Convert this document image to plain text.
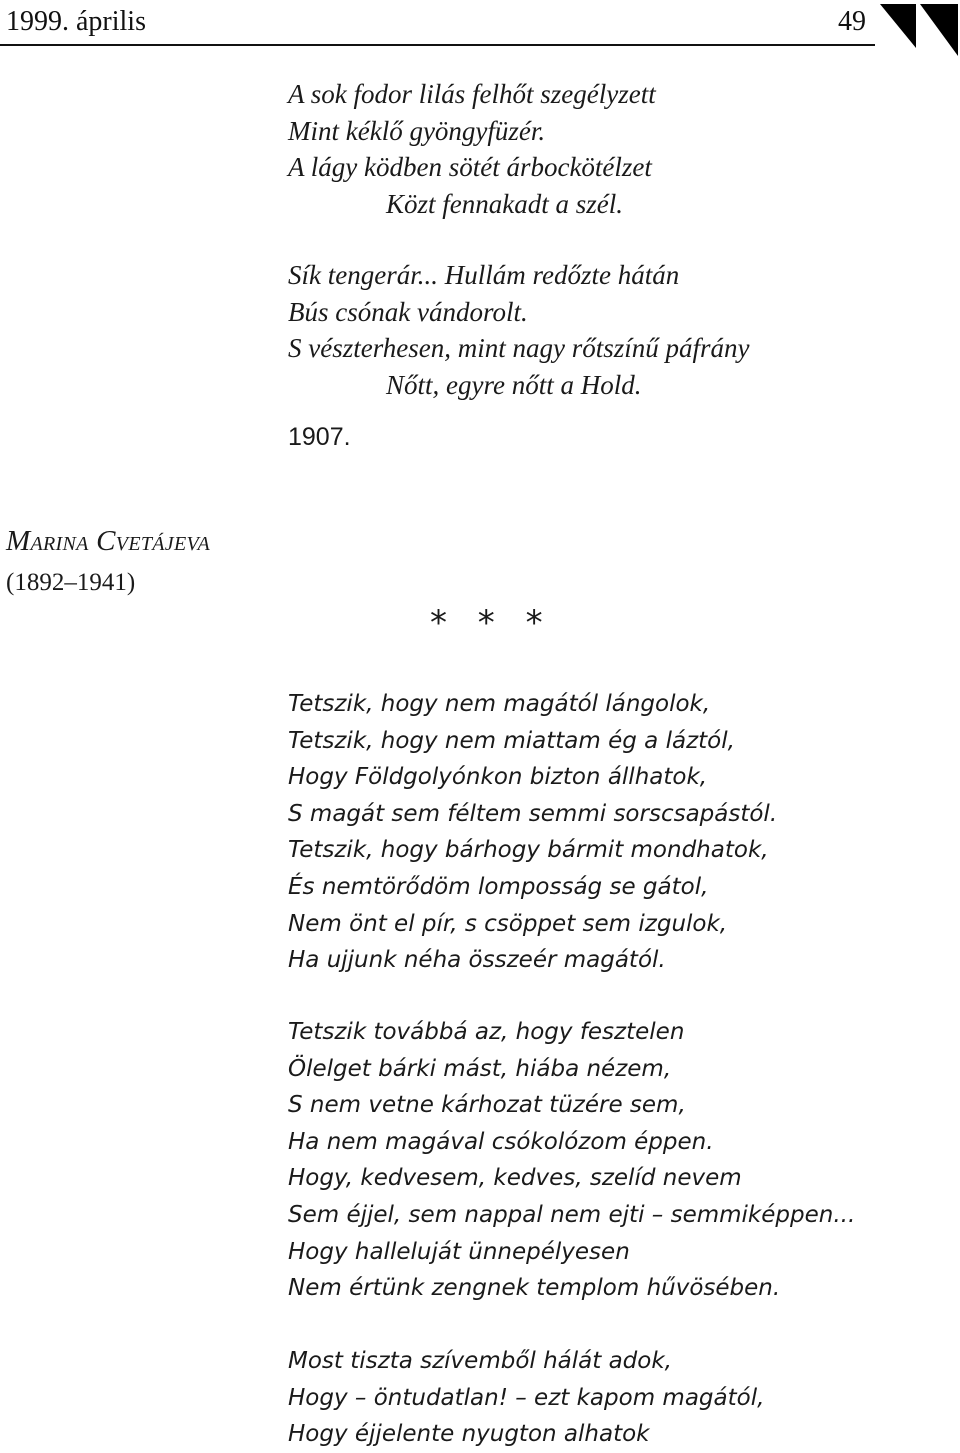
1999. április	49
A sok fodor lilás felhőt szegélyzett
Mint kéklő gyöngyfüzér.
A lágy ködben sötét árbockötélzet
Közt fennakadt a szél.
Sík tengerár... Hullám redőzte hátán
Bús csónak vándorolt.
S vészterhesen, mint nagy rőtszínű páfrány
Nőtt, egyre nőtt a Hold.
1907.
Marina Cvetájeva
(1892–1941)
* * *
Tetszik, hogy nem magától lángolok,
Tetszik, hogy nem miattam ég a láztól,
Hogy Földgolyónkon bizton állhatok,
S magát sem féltem semmi sorscsapástól.
Tetszik, hogy bárhogy bármit mondhatok,
És nemtörődöm lomposság se gátol,
Nem önt el pír, s csöppet sem izgulok,
Ha ujjunk néha összeér magától.
Tetszik továbbá az, hogy fesztelen
Ölelget bárki mást, hiába nézem,
S nem vetne kárhozat tüzére sem,
Ha nem magával csókolózom éppen.
Hogy, kedvesem, kedves, szelíd nevem
Sem éjjel, sem nappal nem ejti – semmiképpen...
Hogy halleluját ünnepélyesen
Nem értünk zengnek templom hűvösében.
Most tiszta szívemből hálát adok,
Hogy – öntudatlan! – ezt kapom magától,
Hogy éjjelente nyugton alhatok
